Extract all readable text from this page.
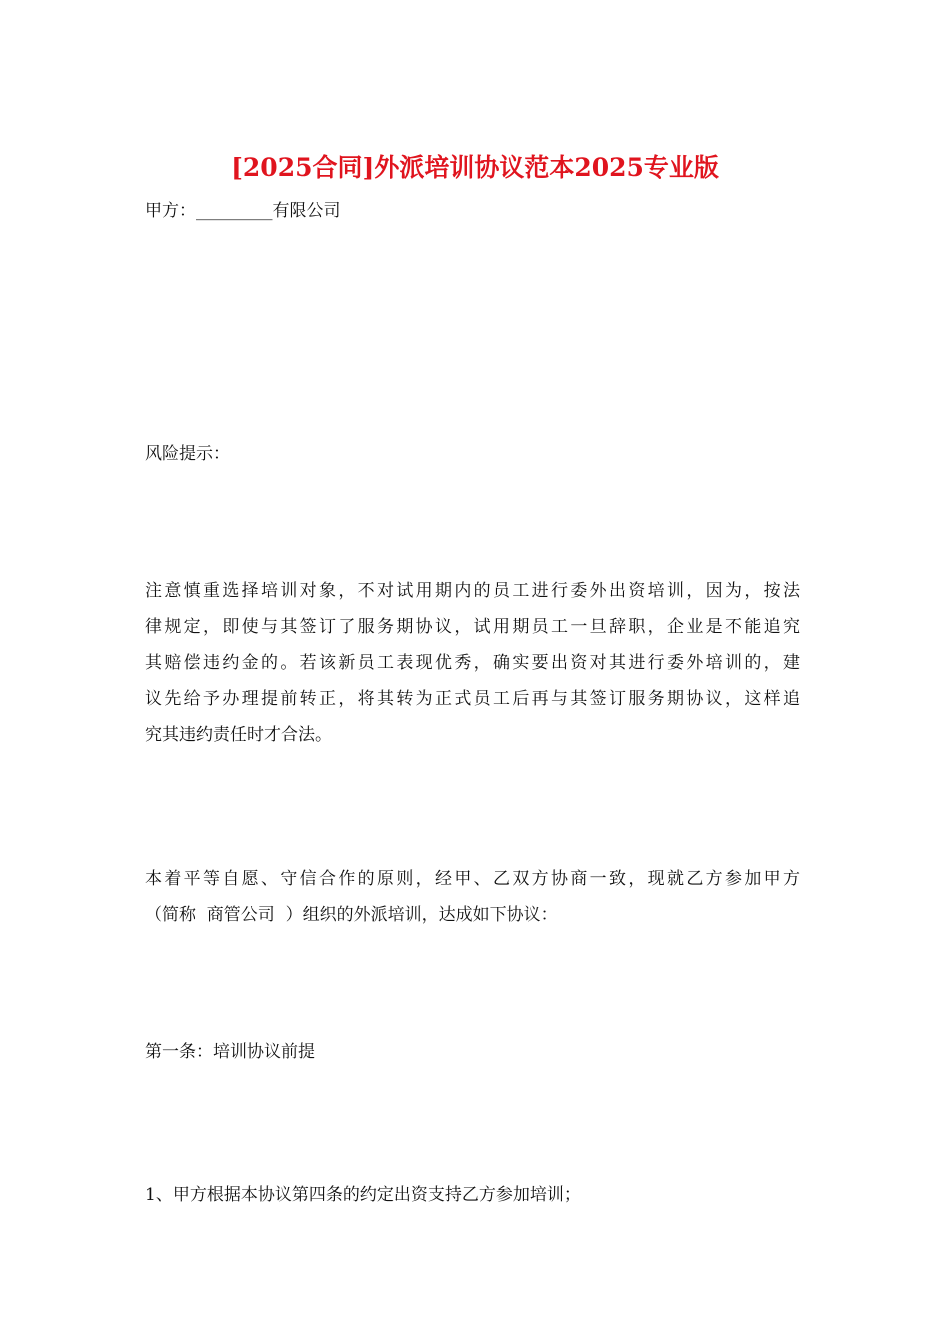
[2025合同]外派培训协议范本2025专业版

甲方：_________有限公司

风险提示：

注意慎重选择培训对象，不对试用期内的员工进行委外出资培训，因为，按法
律规定，即使与其签订了服务期协议，试用期员工一旦辞职，企业是不能追究
其赔偿违约金的。若该新员工表现优秀，确实要出资对其进行委外培训的，建
议先给予办理提前转正，将其转为正式员工后再与其签订服务期协议，这样追
究其违约责任时才合法。

本着平等自愿、守信合作的原则，经甲、乙双方协商一致，现就乙方参加甲方
（简称  商管公司  ）组织的外派培训，达成如下协议：

第一条：培训协议前提

1、甲方根据本协议第四条的约定出资支持乙方参加培训；
